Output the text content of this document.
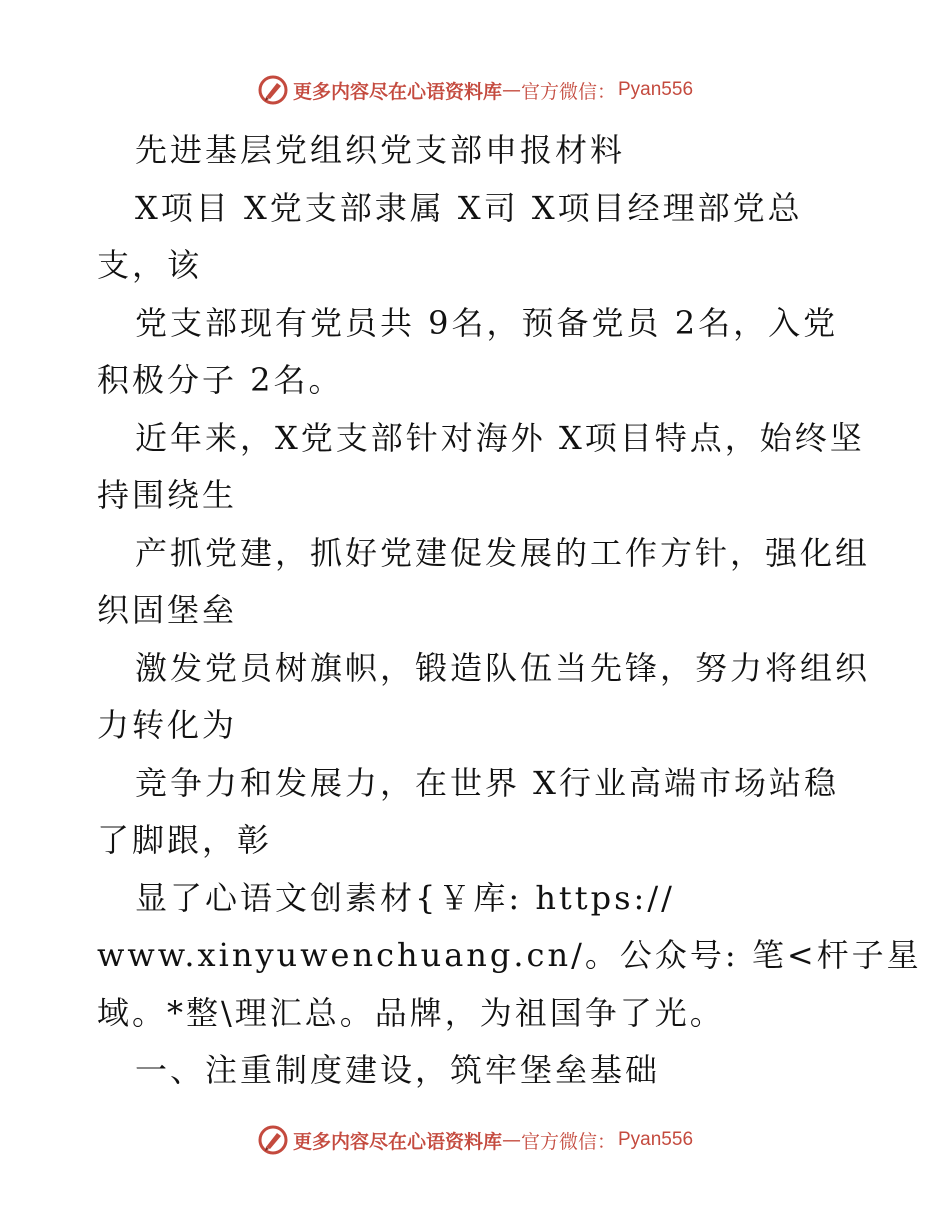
更多内容尽在心语资料库 — 官方微信： Pyan556
先进基层党组织党支部申报材料
X项目 X党支部隶属 X司 X项目经理部党总
支，该
党支部现有党员共 9名，预备党员 2名，入党
积极分子 2名。
近年来，X党支部针对海外 X项目特点，始终坚
持围绕生
产抓党建，抓好党建促发展的工作方针，强化组
织固堡垒
激发党员树旗帜，锻造队伍当先锋，努力将组织
力转化为
竞争力和发展力，在世界 X行业高端市场站稳
了脚跟，彰
显了心语文创素材{￥库: https://
www.xinyuwenchuang.cn/。公众号: 笔<杆子星
域。*整\理汇总。品牌，为祖国争了光。
一、注重制度建设，筑牢堡垒基础
更多内容尽在心语资料库 — 官方微信： Pyan556
